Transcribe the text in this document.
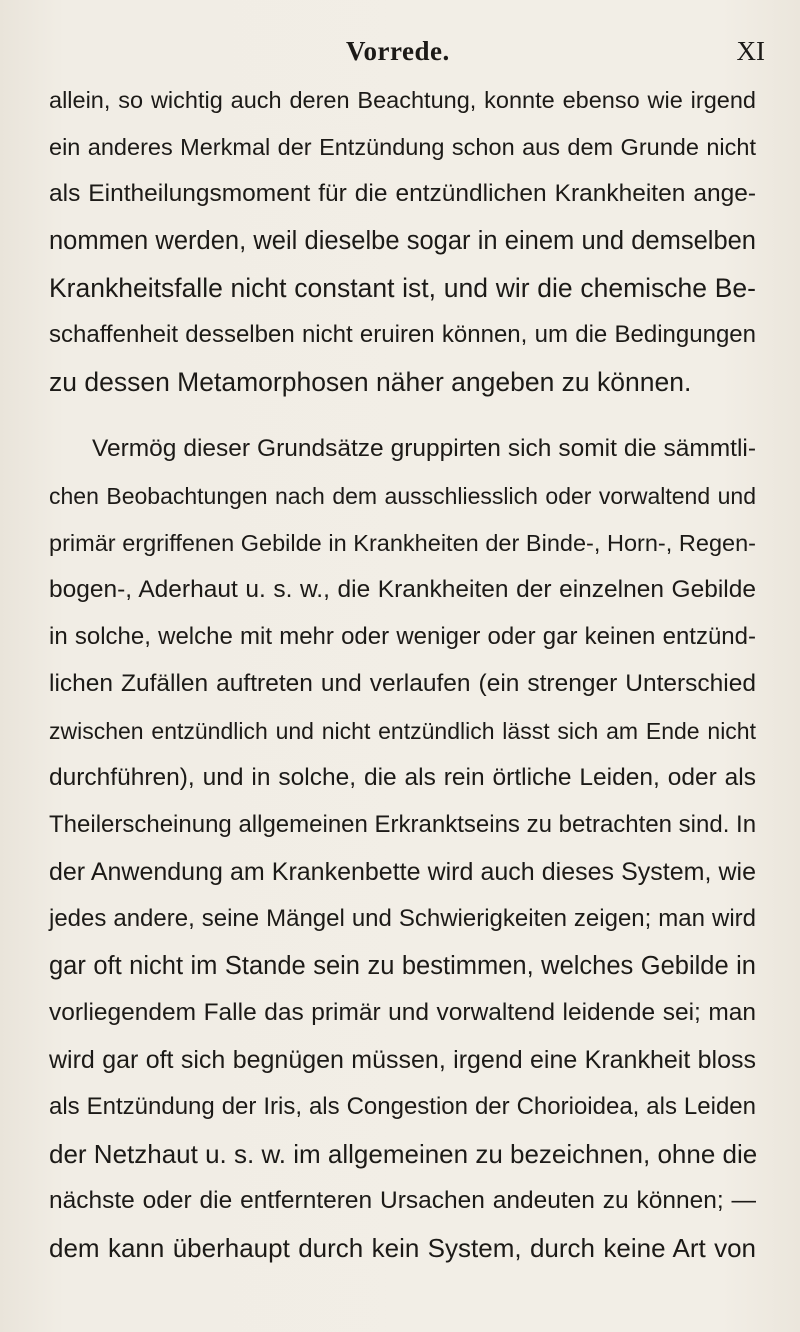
Vorrede.	XI
allein, so wichtig auch deren Beachtung, konnte ebenso wie irgend
ein anderes Merkmal der Entzündung schon aus dem Grunde nicht
als Eintheilungsmoment für die entzündlichen Krankheiten ange-
nommen werden, weil dieselbe sogar in einem und demselben
Krankheitsfalle nicht constant ist, und wir die chemische Be-
schaffenheit desselben nicht eruiren können, um die Bedingungen
zu dessen Metamorphosen näher angeben zu können.
Vermög dieser Grundsätze gruppirten sich somit die sämmtli-
chen Beobachtungen nach dem ausschliesslich oder vorwaltend und
primär ergriffenen Gebilde in Krankheiten der Binde-, Horn-, Regen-
bogen-, Aderhaut u. s. w., die Krankheiten der einzelnen Gebilde
in solche, welche mit mehr oder weniger oder gar keinen entzünd-
lichen Zufällen auftreten und verlaufen (ein strenger Unterschied
zwischen entzündlich und nicht entzündlich lässt sich am Ende nicht
durchführen), und in solche, die als rein örtliche Leiden, oder als
Theilerscheinung allgemeinen Erkranktseins zu betrachten sind. In
der Anwendung am Krankenbette wird auch dieses System, wie
jedes andere, seine Mängel und Schwierigkeiten zeigen; man wird
gar oft nicht im Stande sein zu bestimmen, welches Gebilde in
vorliegendem Falle das primär und vorwaltend leidende sei; man
wird gar oft sich begnügen müssen, irgend eine Krankheit bloss
als Entzündung der Iris, als Congestion der Chorioidea, als Leiden
der Netzhaut u. s. w. im allgemeinen zu bezeichnen, ohne die
nächste oder die entfernteren Ursachen andeuten zu können; —
dem kann überhaupt durch kein System, durch keine Art von
